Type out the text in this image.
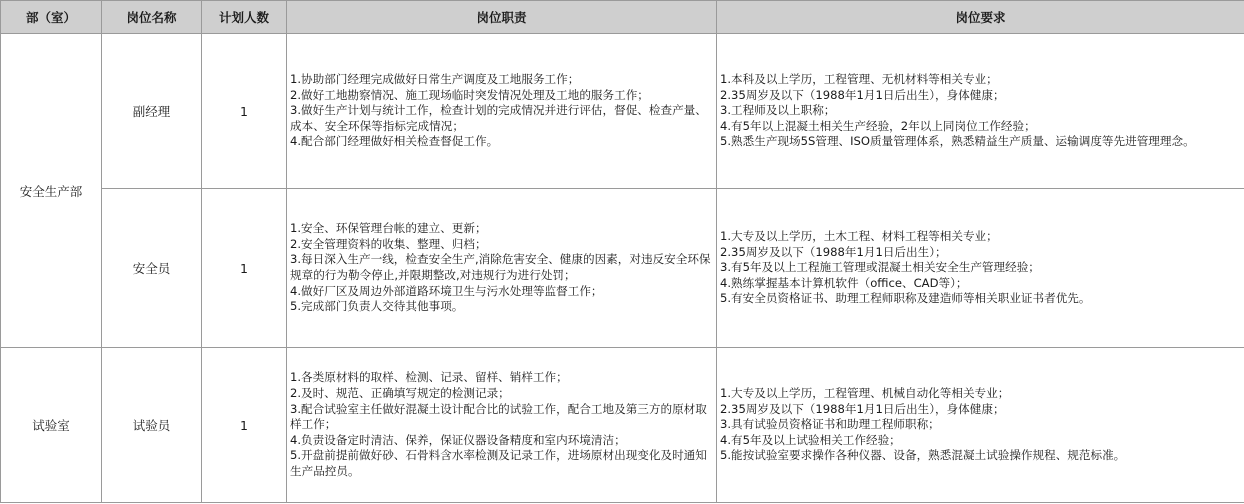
部（室）	岗位名称	计划人数	岗位职责	岗位要求
安全生产部	副经理	1	1.协助部门经理完成做好日常生产调度及工地服务工作；
2.做好工地勘察情况、施工现场临时突发情况处理及工地的服务工作；
3.做好生产计划与统计工作，检查计划的完成情况并进行评估，督促、检查产量、成本、安全环保等指标完成情况；
4.配合部门经理做好相关检查督促工作。	1.本科及以上学历，工程管理、无机材料等相关专业；
2.35周岁及以下（1988年1月1日后出生），身体健康；
3.工程师及以上职称；
4.有5年以上混凝土相关生产经验，2年以上同岗位工作经验；
5.熟悉生产现场5S管理、ISO质量管理体系，熟悉精益生产质量、运输调度等先进管理理念。

	安全员	1	1.安全、环保管理台帐的建立、更新；
2.安全管理资料的收集、整理、归档；
3.每日深入生产一线，检查安全生产,消除危害安全、健康的因素，对违反安全环保规章的行为勒令停止,并限期整改,对违规行为进行处罚；
4.做好厂区及周边外部道路环境卫生与污水处理等监督工作；
5.完成部门负责人交待其他事项。	1.大专及以上学历，土木工程、材料工程等相关专业；
2.35周岁及以下（1988年1月1日后出生）；
3.有5年及以上工程施工管理或混凝土相关安全生产管理经验；
4.熟练掌握基本计算机软件（office、CAD等）；
5.有安全员资格证书、助理工程师职称及建造师等相关职业证书者优先。

试验室	试验员	1	1.各类原材料的取样、检测、记录、留样、销样工作；
2.及时、规范、正确填写规定的检测记录；
3.配合试验室主任做好混凝土设计配合比的试验工作，配合工地及第三方的原材取样工作；
4.负责设备定时清洁、保养，保证仪器设备精度和室内环境清洁；
5.开盘前提前做好砂、石骨料含水率检测及记录工作，进场原材出现变化及时通知生产品控员。	1.大专及以上学历，工程管理、机械自动化等相关专业；
2.35周岁及以下（1988年1月1日后出生），身体健康；
3.具有试验员资格证书和助理工程师职称；
4.有5年及以上试验相关工作经验；
5.能按试验室要求操作各种仪器、设备，熟悉混凝土试验操作规程、规范标准。
